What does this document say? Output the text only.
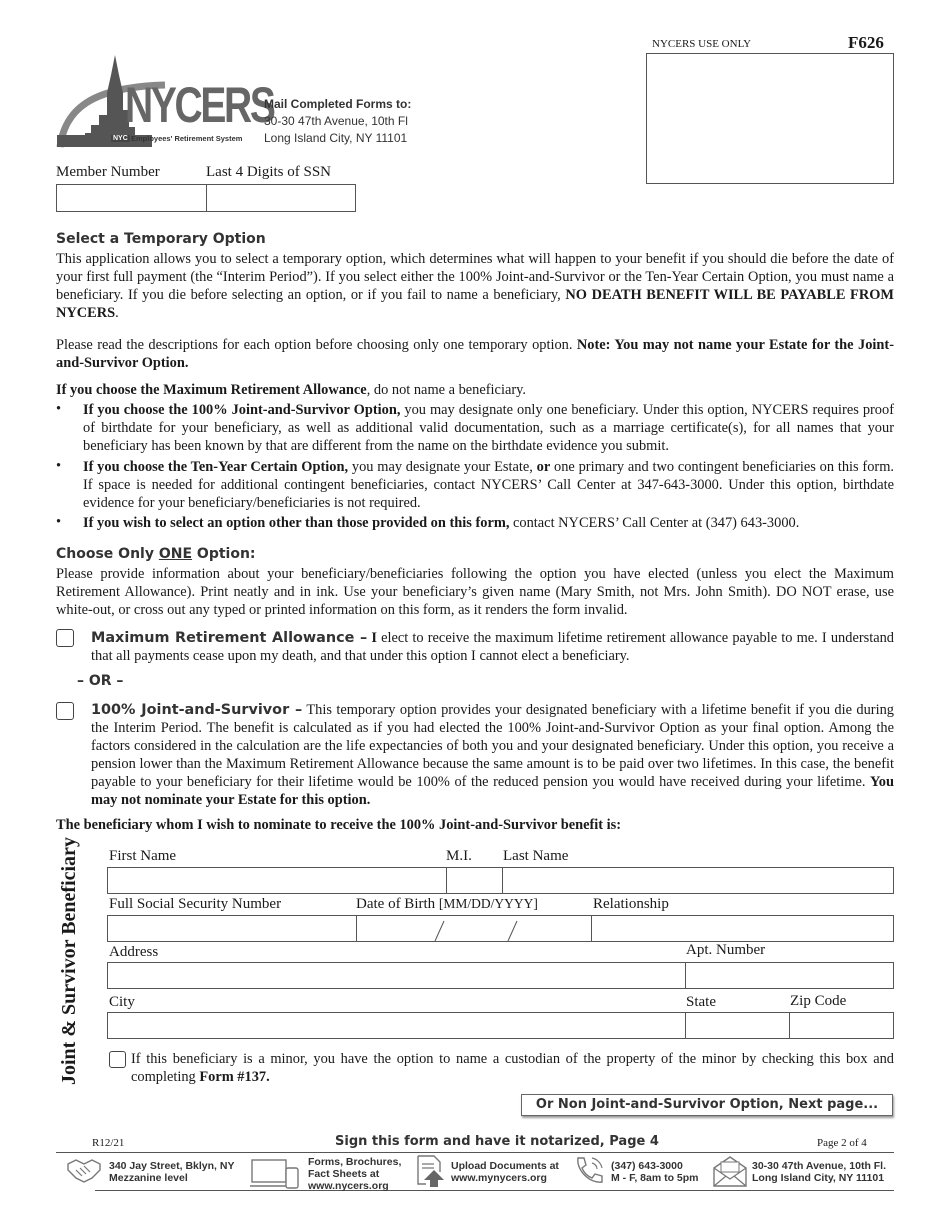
NYCERS
NYC Employees' Retirement System
Mail Completed Forms to:
30-30 47th Avenue, 10th Fl
Long Island City, NY 11101
NYCERS USE ONLY	F626
Member Number	Last 4 Digits of SSN
Select a Temporary Option

This application allows you to select a temporary option, which determines what will happen to your benefit if you should die before the date of your first full payment (the “Interim Period”). If you select either the 100% Joint-and-Survivor or the Ten-Year Certain Option, you must name a beneficiary. If you die before selecting an option, or if you fail to name a beneficiary, NO DEATH BENEFIT WILL BE PAYABLE FROM NYCERS.

Please read the descriptions for each option before choosing only one temporary option. Note: You may not name your Estate for the Joint-and-Survivor Option.

If you choose the Maximum Retirement Allowance, do not name a beneficiary.

• If you choose the 100% Joint-and-Survivor Option, you may designate only one beneficiary. Under this option, NYCERS requires proof of birthdate for your beneficiary, as well as additional valid documentation, such as a marriage certificate(s), for all names that your beneficiary has been known by that are different from the name on the birthdate evidence you submit.

• If you choose the Ten-Year Certain Option, you may designate your Estate, or one primary and two contingent beneficiaries on this form. If space is needed for additional contingent beneficiaries, contact NYCERS’ Call Center at 347-643-3000. Under this option, birthdate evidence for your beneficiary/beneficiaries is not required.

• If you wish to select an option other than those provided on this form, contact NYCERS’ Call Center at (347) 643-3000.

Choose Only ONE Option:

Please provide information about your beneficiary/beneficiaries following the option you have elected (unless you elect the Maximum Retirement Allowance). Print neatly and in ink. Use your beneficiary’s given name (Mary Smith, not Mrs. John Smith). DO NOT erase, use white-out, or cross out any typed or printed information on this form, as it renders the form invalid.

Maximum Retirement Allowance – I elect to receive the maximum lifetime retirement allowance payable to me. I understand that all payments cease upon my death, and that under this option I cannot elect a beneficiary.

– OR –

100% Joint-and-Survivor – This temporary option provides your designated beneficiary with a lifetime benefit if you die during the Interim Period. The benefit is calculated as if you had elected the 100% Joint-and-Survivor Option as your final option. Among the factors considered in the calculation are the life expectancies of both you and your designated beneficiary. Under this option, you receive a pension lower than the Maximum Retirement Allowance because the same amount is to be paid over two lifetimes. In this case, the benefit payable to your beneficiary for their lifetime would be 100% of the reduced pension you would have received during your lifetime. You may not nominate your Estate for this option.

The beneficiary whom I wish to nominate to receive the 100% Joint-and-Survivor benefit is:

Joint & Survivor Beneficiary First Name	M.I. Last Name
Full Social Security Number	Date of Birth [MM/DD/YYYY]	Relationship
Address	Apt. Number
City	State	Zip Code

If this beneficiary is a minor, you have the option to name a custodian of the property of the minor by checking this box and completing Form #137.

Or Non Joint-and-Survivor Option, Next page...
R12/21	Sign this form and have it notarized, Page 4	Page 2 of 4
340 Jay Street, Bklyn, NY
Mezzanine level
Forms, Brochures,
Fact Sheets at
www.nycers.org
Upload Documents at
www.mynycers.org
(347) 643-3000
M - F, 8am to 5pm
30-30 47th Avenue, 10th Fl.
Long Island City, NY 11101
